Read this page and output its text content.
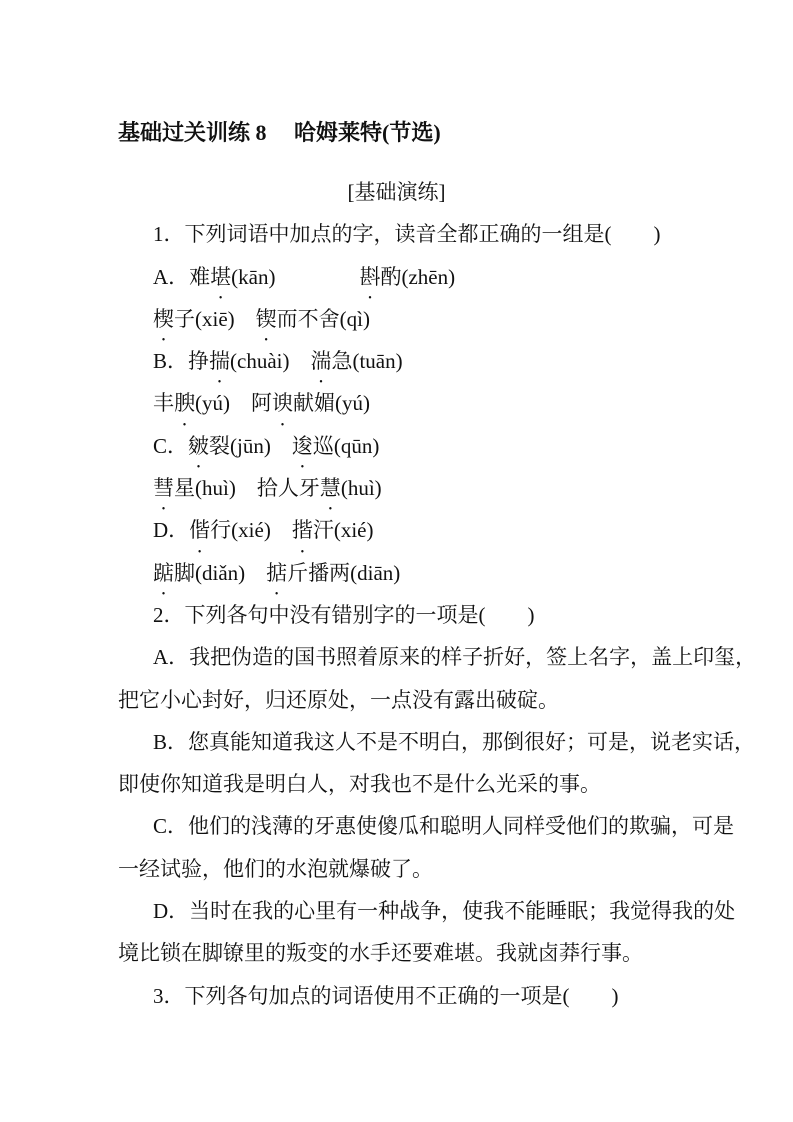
基础过关训练 8　 哈姆莱特(节选)
[基础演练]
1．下列词语中加点的字，读音全都正确的一组是(　　)
A．难堪(kān)　　　　斟酌(zhēn)
楔子(xiē)　锲而不舍(qì)
B．挣揣(chuài)　湍急(tuān)
丰腴(yú)　阿谀献媚(yú)
C．皴裂(jūn)　逡巡(qūn)
彗星(huì)　拾人牙慧(huì)
D．偕行(xié)　揩汗(xié)
踮脚(diǎn)　掂斤播两(diān)
2．下列各句中没有错别字的一项是(　　)
A．我把伪造的国书照着原来的样子折好，签上名字，盖上印玺，
把它小心封好，归还原处，一点没有露出破碇。
B．您真能知道我这人不是不明白，那倒很好；可是，说老实话，
即使你知道我是明白人，对我也不是什么光采的事。
C．他们的浅薄的牙惠使傻瓜和聪明人同样受他们的欺骗，可是
一经试验，他们的水泡就爆破了。
D．当时在我的心里有一种战争，使我不能睡眠；我觉得我的处
境比锁在脚镣里的叛变的水手还要难堪。我就卤莽行事。
3．下列各句加点的词语使用不正确的一项是(　　)
